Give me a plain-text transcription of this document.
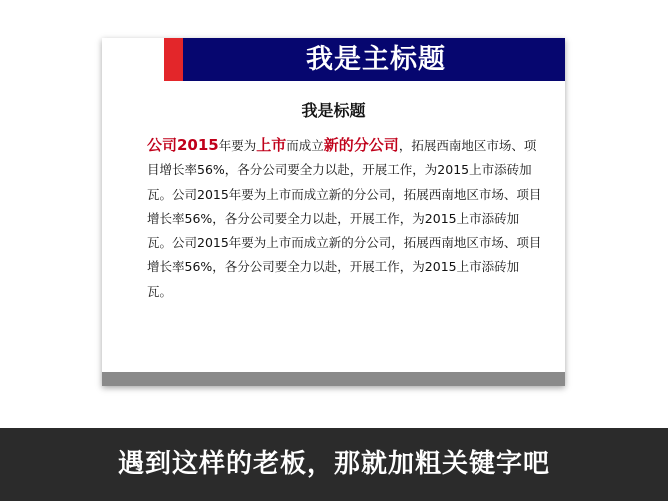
我是主标题
我是标题

公司2015年要为上市而成立新的分公司，拓展西南地区市场、项目增长率56%，各分公司要全力以赴，开展工作，为2015上市添砖加瓦。公司2015年要为上市而成立新的分公司，拓展西南地区市场、项目增长率56%，各分公司要全力以赴，开展工作，为2015上市添砖加瓦。公司2015年要为上市而成立新的分公司，拓展西南地区市场、项目增长率56%，各分公司要全力以赴，开展工作，为2015上市添砖加瓦。

遇到这样的老板，那就加粗关键字吧
